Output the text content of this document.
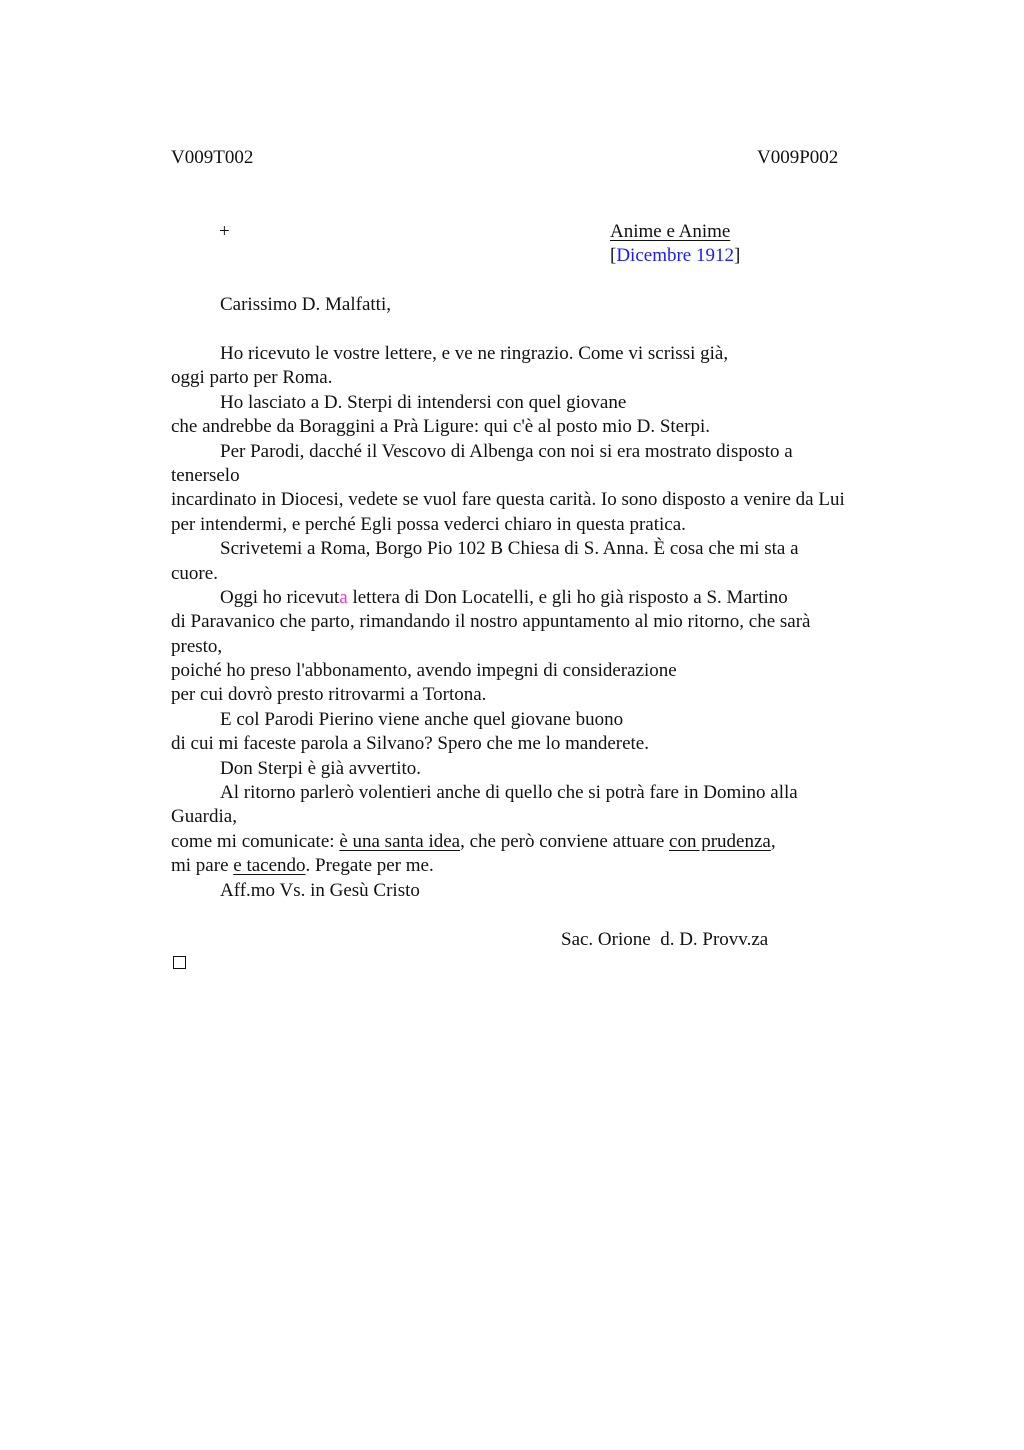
V009T002	V009P002
+	Anime e Anime
[Dicembre 1912]
Carissimo D. Malfatti,
Ho ricevuto le vostre lettere, e ve ne ringrazio. Come vi scrissi già,
oggi parto per Roma.
Ho lasciato a D. Sterpi di intendersi con quel giovane
che andrebbe da Boraggini a Prà Ligure: qui c'è al posto mio D. Sterpi.
Per Parodi, dacché il Vescovo di Albenga con noi si era mostrato disposto a
tenerselo
incardinato in Diocesi, vedete se vuol fare questa carità. Io sono disposto a venire da Lui
per intendermi, e perché Egli possa vederci chiaro in questa pratica.
Scrivetemi a Roma, Borgo Pio 102 B Chiesa di S. Anna. È cosa che mi sta a
cuore.
Oggi ho ricevuta lettera di Don Locatelli, e gli ho già risposto a S. Martino
di Paravanico che parto, rimandando il nostro appuntamento al mio ritorno, che sarà
presto,
poiché ho preso l'abbonamento, avendo impegni di considerazione
per cui dovrò presto ritrovarmi a Tortona.
E col Parodi Pierino viene anche quel giovane buono
di cui mi faceste parola a Silvano? Spero che me lo manderete.
Don Sterpi è già avvertito.
Al ritorno parlerò volentieri anche di quello che si potrà fare in Domino alla
Guardia,
come mi comunicate: è una santa idea, che però conviene attuare con prudenza,
mi pare e tacendo. Pregate per me.
Aff.mo Vs. in Gesù Cristo
Sac. Orione  d. D. Provv.za
